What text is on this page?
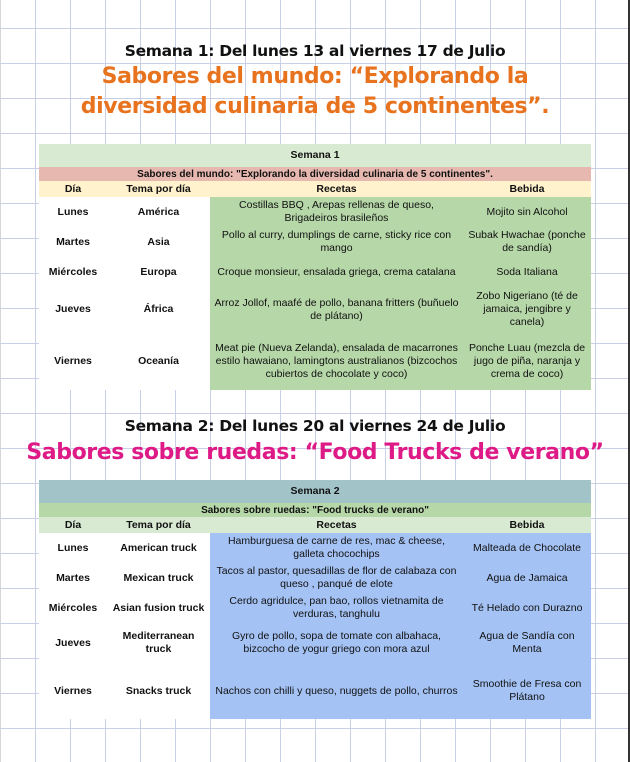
Semana 1: Del lunes 13 al viernes 17 de Julio
Sabores del mundo: “Explorando la
diversidad culinaria de 5 continentes”.
Semana 1			
Sabores del mundo: "Explorando la diversidad culinaria de 5 continentes".			
Día	Tema por día	Recetas	Bebida
Lunes	América	Costillas BBQ , Arepas rellenas de queso, Brigadeiros brasileños	Mojito sin Alcohol
Martes	Asia	Pollo al curry, dumplings de carne, sticky rice con mango	Subak Hwachae (ponche de sandía)
Miércoles	Europa	Croque monsieur, ensalada griega, crema catalana	Soda Italiana
Jueves	África	Arroz Jollof, maafé de pollo, banana fritters (buñuelo de plátano)	Zobo Nigeriano (té de jamaica, jengibre y canela)
Viernes	Oceanía	Meat pie (Nueva Zelanda), ensalada de macarrones estilo hawaiano, lamingtons australianos (bizcochos cubiertos de chocolate y coco)	Ponche Luau (mezcla de jugo de piña, naranja y crema de coco)
Semana 2: Del lunes 20 al viernes 24 de Julio
Sabores sobre ruedas: “Food Trucks de verano”
Semana 2			
Sabores sobre ruedas: "Food trucks de verano"			
Día	Tema por día	Recetas	Bebida
Lunes	American truck	Hamburguesa de carne de res, mac & cheese, galleta chocochips	Malteada de Chocolate
Martes	Mexican truck	Tacos al pastor, quesadillas de flor de calabaza con queso , panqué de elote	Agua de Jamaica
Miércoles	Asian fusion truck	Cerdo agridulce, pan bao, rollos vietnamita de verduras, tanghulu	Té Helado con Durazno
Jueves	Mediterranean truck	Gyro de pollo, sopa de tomate con albahaca, bizcocho de yogur griego con mora azul	Agua de Sandía con Menta
Viernes	Snacks truck	Nachos con chilli y queso, nuggets de pollo, churros	Smoothie de Fresa con Plátano
